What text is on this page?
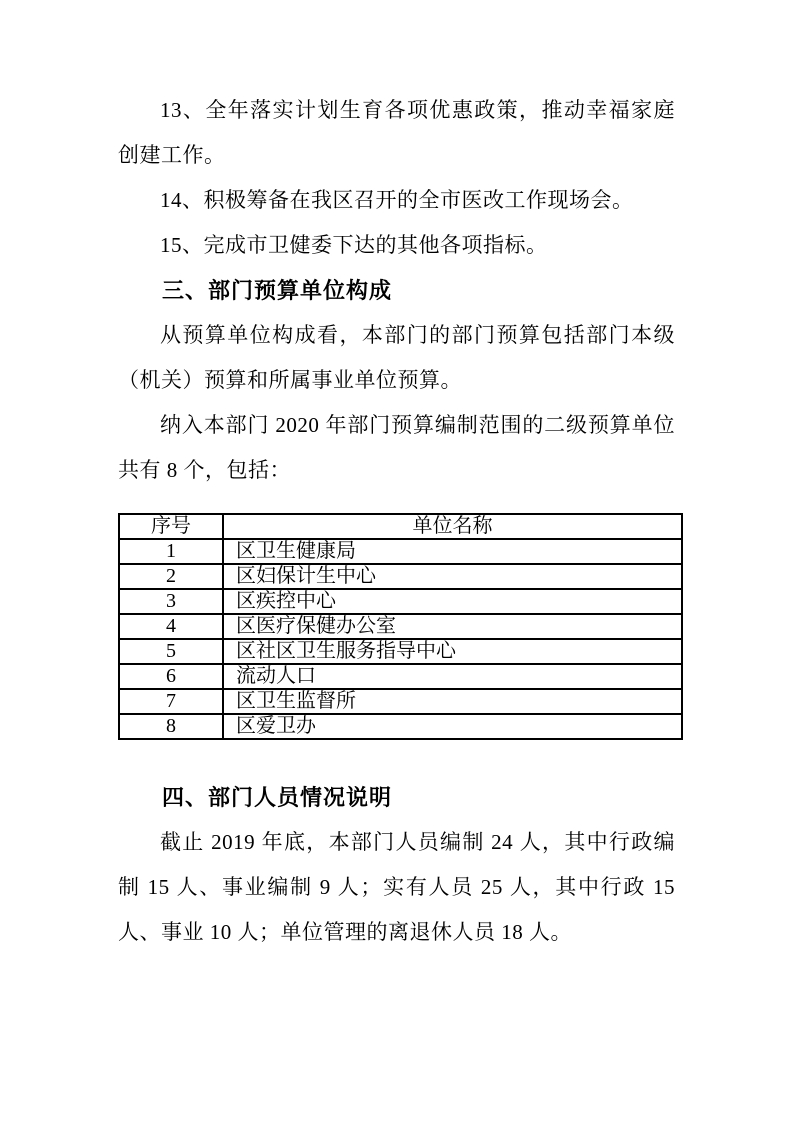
13、全年落实计划生育各项优惠政策，推动幸福家庭创建工作。

14、积极筹备在我区召开的全市医改工作现场会。

15、完成市卫健委下达的其他各项指标。

三、部门预算单位构成

从预算单位构成看，本部门的部门预算包括部门本级（机关）预算和所属事业单位预算。

纳入本部门 2020 年部门预算编制范围的二级预算单位共有 8 个，包括：

序号	单位名称
1	区卫生健康局
2	区妇保计生中心
3	区疾控中心
4	区医疗保健办公室
5	区社区卫生服务指导中心
6	流动人口
7	区卫生监督所
8	区爱卫办
四、部门人员情况说明

截止 2019 年底，本部门人员编制 24 人，其中行政编制 15 人、事业编制 9 人；实有人员 25 人，其中行政 15 人、事业 10 人；单位管理的离退休人员 18 人。
